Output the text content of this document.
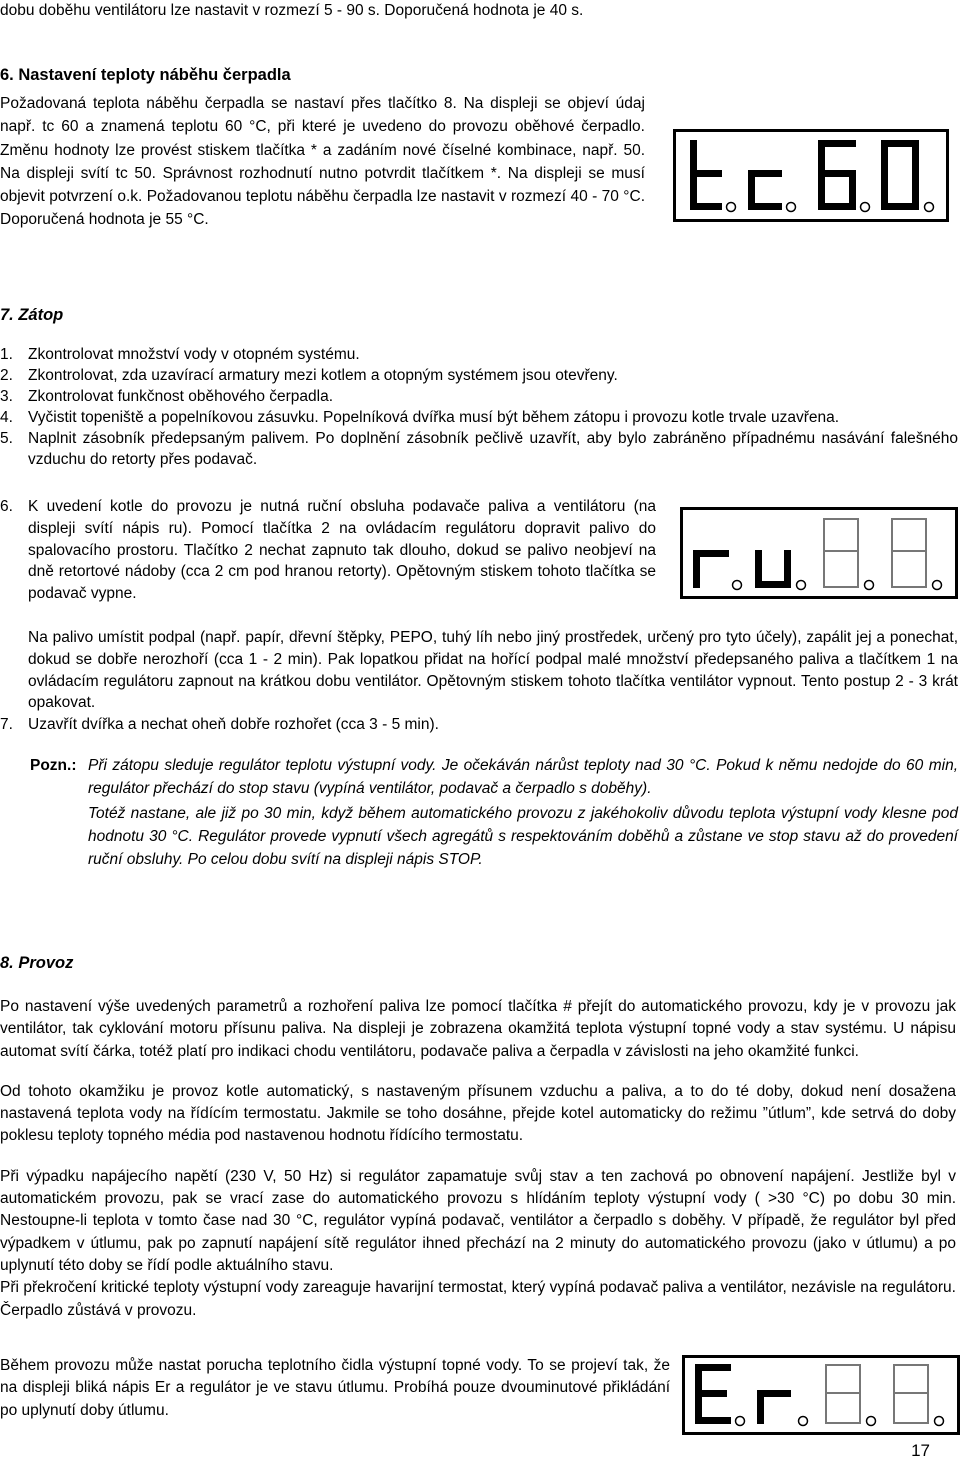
dobu doběhu ventilátoru lze nastavit v rozmezí 5 - 90 s. Doporučená hodnota je 40 s.

6. Nastavení teploty náběhu čerpadla

Požadovaná teplota náběhu čerpadla se nastaví přes tlačítko 8. Na displeji se objeví údaj např. tc 60 a znamená teplotu 60 °C, při které je uvedeno do provozu oběhové čerpadlo. Změnu hodnoty lze provést stiskem tlačítka * a zadáním nové číselné kombinace, např. 50. Na displeji svítí tc 50. Správnost rozhodnutí nutno potvrdit tlačítkem *. Na displeji se musí objevit potvrzení o.k. Požadovanou teplotu náběhu čerpadla lze nastavit v rozmezí 40 - 70 °C. Doporučená hodnota je 55 °C.

7. Zátop
1. Zkontrolovat množství vody v otopném systému.
2. Zkontrolovat, zda uzavírací armatury mezi kotlem a otopným systémem jsou otevřeny.
3. Zkontrolovat funkčnost oběhového čerpadla.
4. Vyčistit topeniště a popelníkovou zásuvku. Popelníková dvířka musí být během zátopu i provozu kotle trvale uzavřena.
5. Naplnit zásobník předepsaným palivem. Po doplnění zásobník pečlivě uzavřít, aby bylo zabráněno případnému nasávání falešného vzduchu do retorty přes podavač.
6. K uvedení kotle do provozu je nutná ruční obsluha podavače paliva a ventilátoru (na displeji svítí nápis ru). Pomocí tlačítka 2 na ovládacím regulátoru dopravit palivo do spalovacího prostoru. Tlačítko 2 nechat zapnuto tak dlouho, dokud se palivo neobjeví na dně retortové nádoby (cca 2 cm pod hranou retorty). Opětovným stiskem tohoto tlačítka se podavač vypne.
Na palivo umístit podpal (např. papír, dřevní štěpky, PEPO, tuhý líh nebo jiný prostředek, určený pro tyto účely), zapálit jej a ponechat, dokud se dobře nerozhoří (cca 1 - 2 min). Pak lopatkou přidat na hořící podpal malé množství předepsaného paliva a tlačítkem 1 na ovládacím regulátoru zapnout na krátkou dobu ventilátor. Opětovným stiskem tohoto tlačítka ventilátor vypnout. Tento postup 2 - 3 krát opakovat.
7. Uzavřít dvířka a nechat oheň dobře rozhořet (cca 3 - 5 min).
Pozn.: Při zátopu sleduje regulátor teplotu výstupní vody. Je očekáván nárůst teploty nad 30 °C. Pokud k němu nedojde do 60 min, regulátor přechází do stop stavu (vypíná ventilátor, podavač a čerpadlo s doběhy).

Totéž nastane, ale již po 30 min, když během automatického provozu z jakéhokoliv důvodu teplota výstupní vody klesne pod hodnotu 30 °C. Regulátor provede vypnutí všech agregátů s respektováním doběhů a zůstane ve stop stavu až do provedení ruční obsluhy. Po celou dobu svítí na displeji nápis STOP.

8. Provoz

Po nastavení výše uvedených parametrů a rozhoření paliva lze pomocí tlačítka # přejít do automatického provozu, kdy je v provozu jak ventilátor, tak cyklování motoru přísunu paliva. Na displeji je zobrazena okamžitá teplota výstupní topné vody a stav systému. U nápisu automat svítí čárka, totéž platí pro indikaci chodu ventilátoru, podavače paliva a čerpadla v závislosti na jeho okamžité funkci.

Od tohoto okamžiku je provoz kotle automatický, s nastaveným přísunem vzduchu a paliva, a to do té doby, dokud není dosažena nastavená teplota vody na řídícím termostatu. Jakmile se toho dosáhne, přejde kotel automaticky do režimu ”útlum”, kde setrvá do doby poklesu teploty topného média pod nastavenou hodnotu řídícího termostatu.

Při výpadku napájecího napětí (230 V, 50 Hz) si regulátor zapamatuje svůj stav a ten zachová po obnovení napájení. Jestliže byl v automatickém provozu, pak se vrací zase do automatického provozu s hlídáním teploty výstupní vody ( >30 °C) po dobu 30 min. Nestoupne-li teplota v tomto čase nad 30 °C, regulátor vypíná podavač, ventilátor a čerpadlo s doběhy. V případě, že regulátor byl před výpadkem v útlumu, pak po zapnutí napájení sítě regulátor ihned přechází na 2 minuty do automatického provozu (jako v útlumu) a po uplynutí této doby se řídí podle aktuálního stavu.

Při překročení kritické teploty výstupní vody zareaguje havarijní termostat, který vypíná podavač paliva a ventilátor, nezávisle na regulátoru. Čerpadlo zůstává v provozu.

Během provozu může nastat porucha teplotního čidla výstupní topné vody. To se projeví tak, že na displeji bliká nápis Er a regulátor je ve stavu útlumu. Probíhá pouze dvouminutové přikládání po uplynutí doby útlumu.

17
